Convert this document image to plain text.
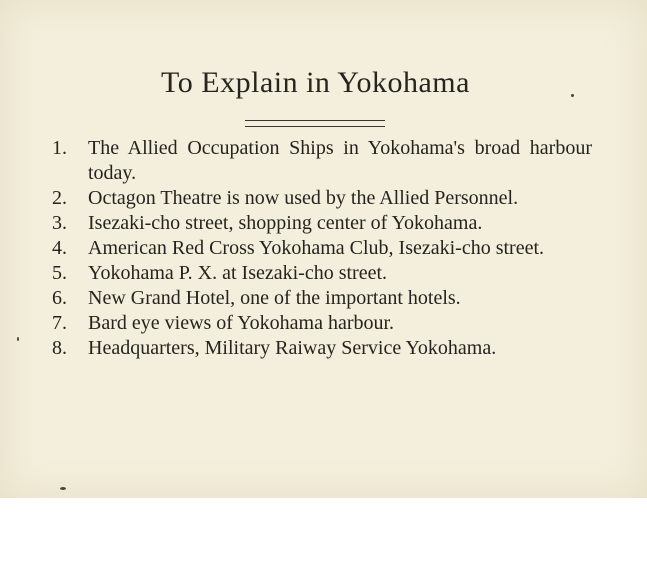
To Explain in Yokohama
1.	The Allied Occupation Ships in Yokohama's broad harbour today.
2.	Octagon Theatre is now used by the Allied Personnel.
3.	Isezaki-cho street, shopping center of Yokohama.
4.	American Red Cross Yokohama Club, Isezaki-cho street.
5.	Yokohama P. X. at Isezaki-cho street.
6.	New Grand Hotel, one of the important hotels.
7.	Bard eye views of Yokohama harbour.
8.	Headquarters, Military Raiway Service Yokohama.
